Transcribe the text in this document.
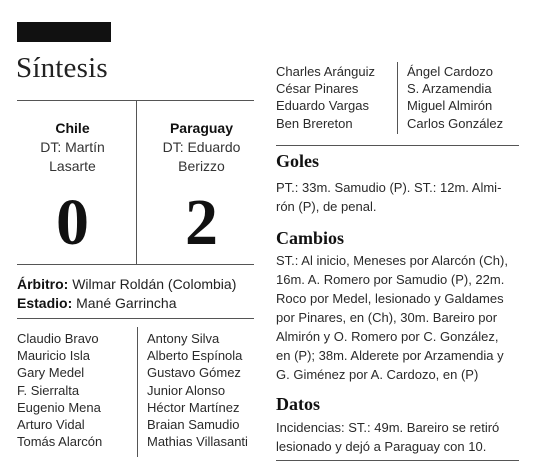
Síntesis
Chile
DT: Martín
Lasarte
0
Paraguay
DT: Eduardo
Berizzo
2
Árbitro: Wilmar Roldán (Colombia)
Estadio: Mané Garrincha
Claudio Bravo
Mauricio Isla
Gary Medel
F. Sierralta
Eugenio Mena
Arturo Vidal
Tomás Alarcón
Antony Silva
Alberto Espínola
Gustavo Gómez
Junior Alonso
Héctor Martínez
Braian Samudio
Mathias Villasanti
Charles Aránguiz
César Pinares
Eduardo Vargas
Ben Brereton
Ángel Cardozo
S. Arzamendia
Miguel Almirón
Carlos González
Goles
PT.: 33m. Samudio (P). ST.: 12m. Almi-
rón (P), de penal.
Cambios
ST.: Al inicio, Meneses por Alarcón (Ch),
16m. A. Romero por Samudio (P), 22m.
Roco por Medel, lesionado y Galdames
por Pinares, en (Ch), 30m. Bareiro por
Almirón y O. Romero por C. González,
en (P); 38m. Alderete por Arzamendia y
G. Giménez por A. Cardozo, en (P)
Datos
Incidencias: ST.: 49m. Bareiro se retiró
lesionado y dejó a Paraguay con 10.
